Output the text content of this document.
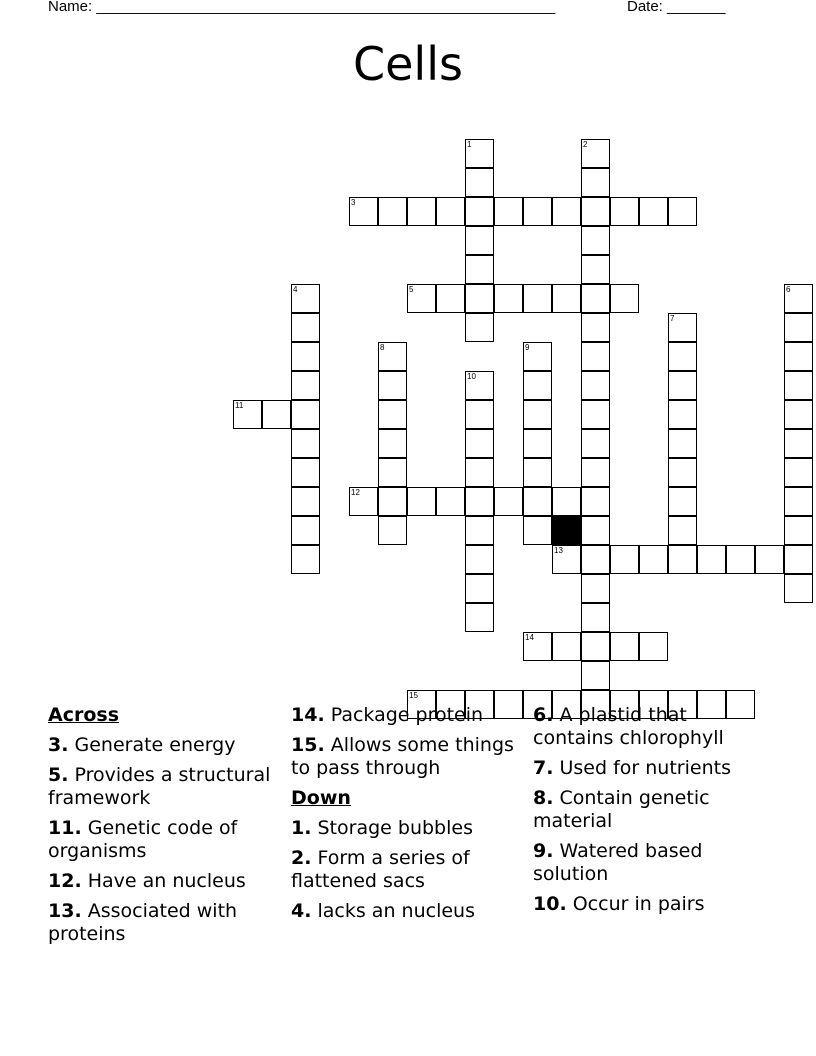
Name: _______________________________________________________	Date: _______
Cells
1	2
3
4	5	6
7
8	9
10
11
12
13
14
15
Across
3. Generate energy
5. Provides a structural framework
11. Genetic code of organisms
12. Have an nucleus
13. Associated with proteins
14. Package protein
15. Allows some things to pass through
Down
1. Storage bubbles
2. Form a series of flattened sacs
4. lacks an nucleus
6. A plastid that contains chlorophyll
7. Used for nutrients
8. Contain genetic material
9. Watered based solution
10. Occur in pairs
